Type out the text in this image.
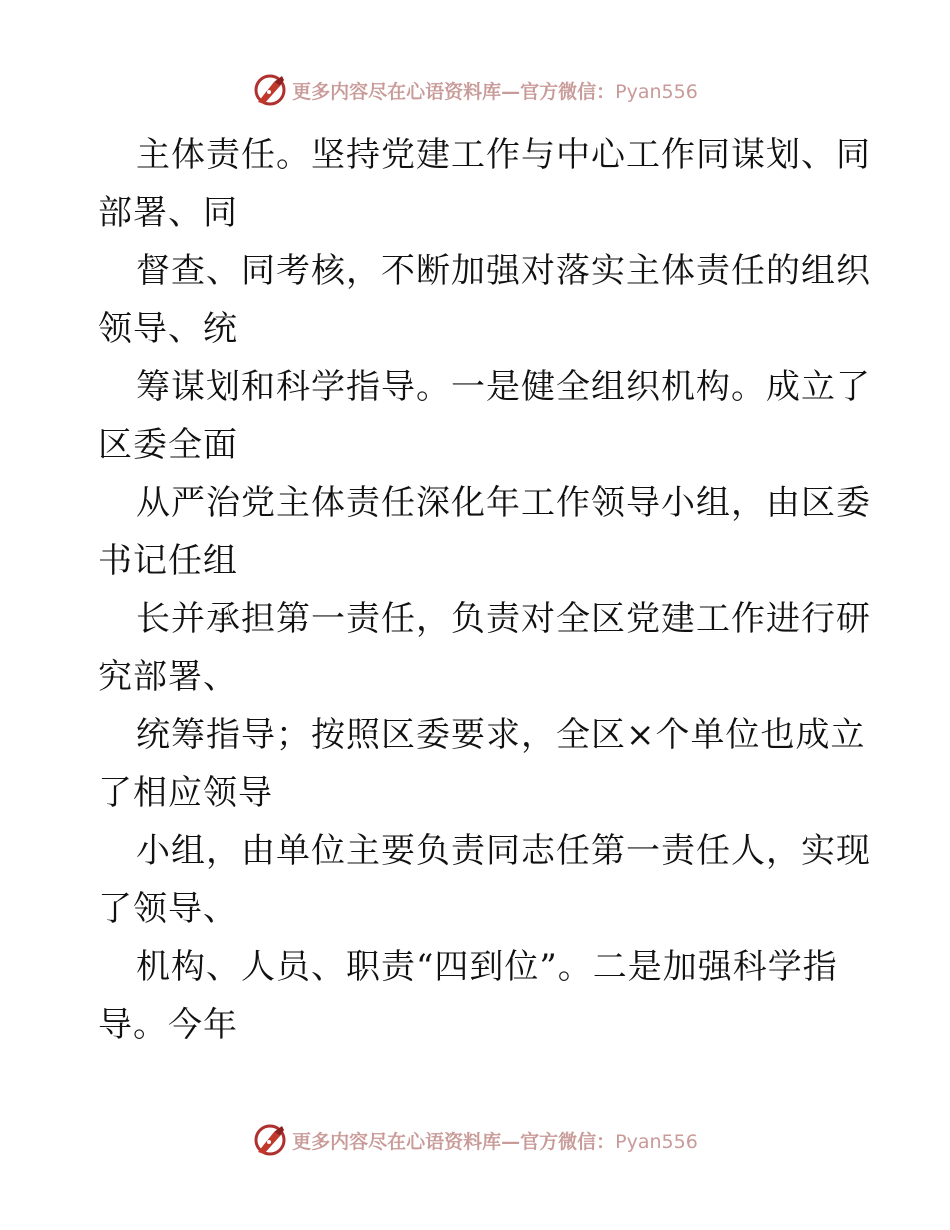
更多内容尽在心语资料库—官方微信：Pyan556

主体责任。坚持党建工作与中心工作同谋划、同
部署、同

督查、同考核，不断加强对落实主体责任的组织
领导、统

筹谋划和科学指导。一是健全组织机构。成立了
区委全面

从严治党主体责任深化年工作领导小组，由区委
书记任组

长并承担第一责任，负责对全区党建工作进行研
究部署、

统筹指导；按照区委要求，全区×个单位也成立
了相应领导

小组，由单位主要负责同志任第一责任人，实现
了领导、

机构、人员、职责“四到位”。二是加强科学指
导。今年

更多内容尽在心语资料库—官方微信：Pyan556
